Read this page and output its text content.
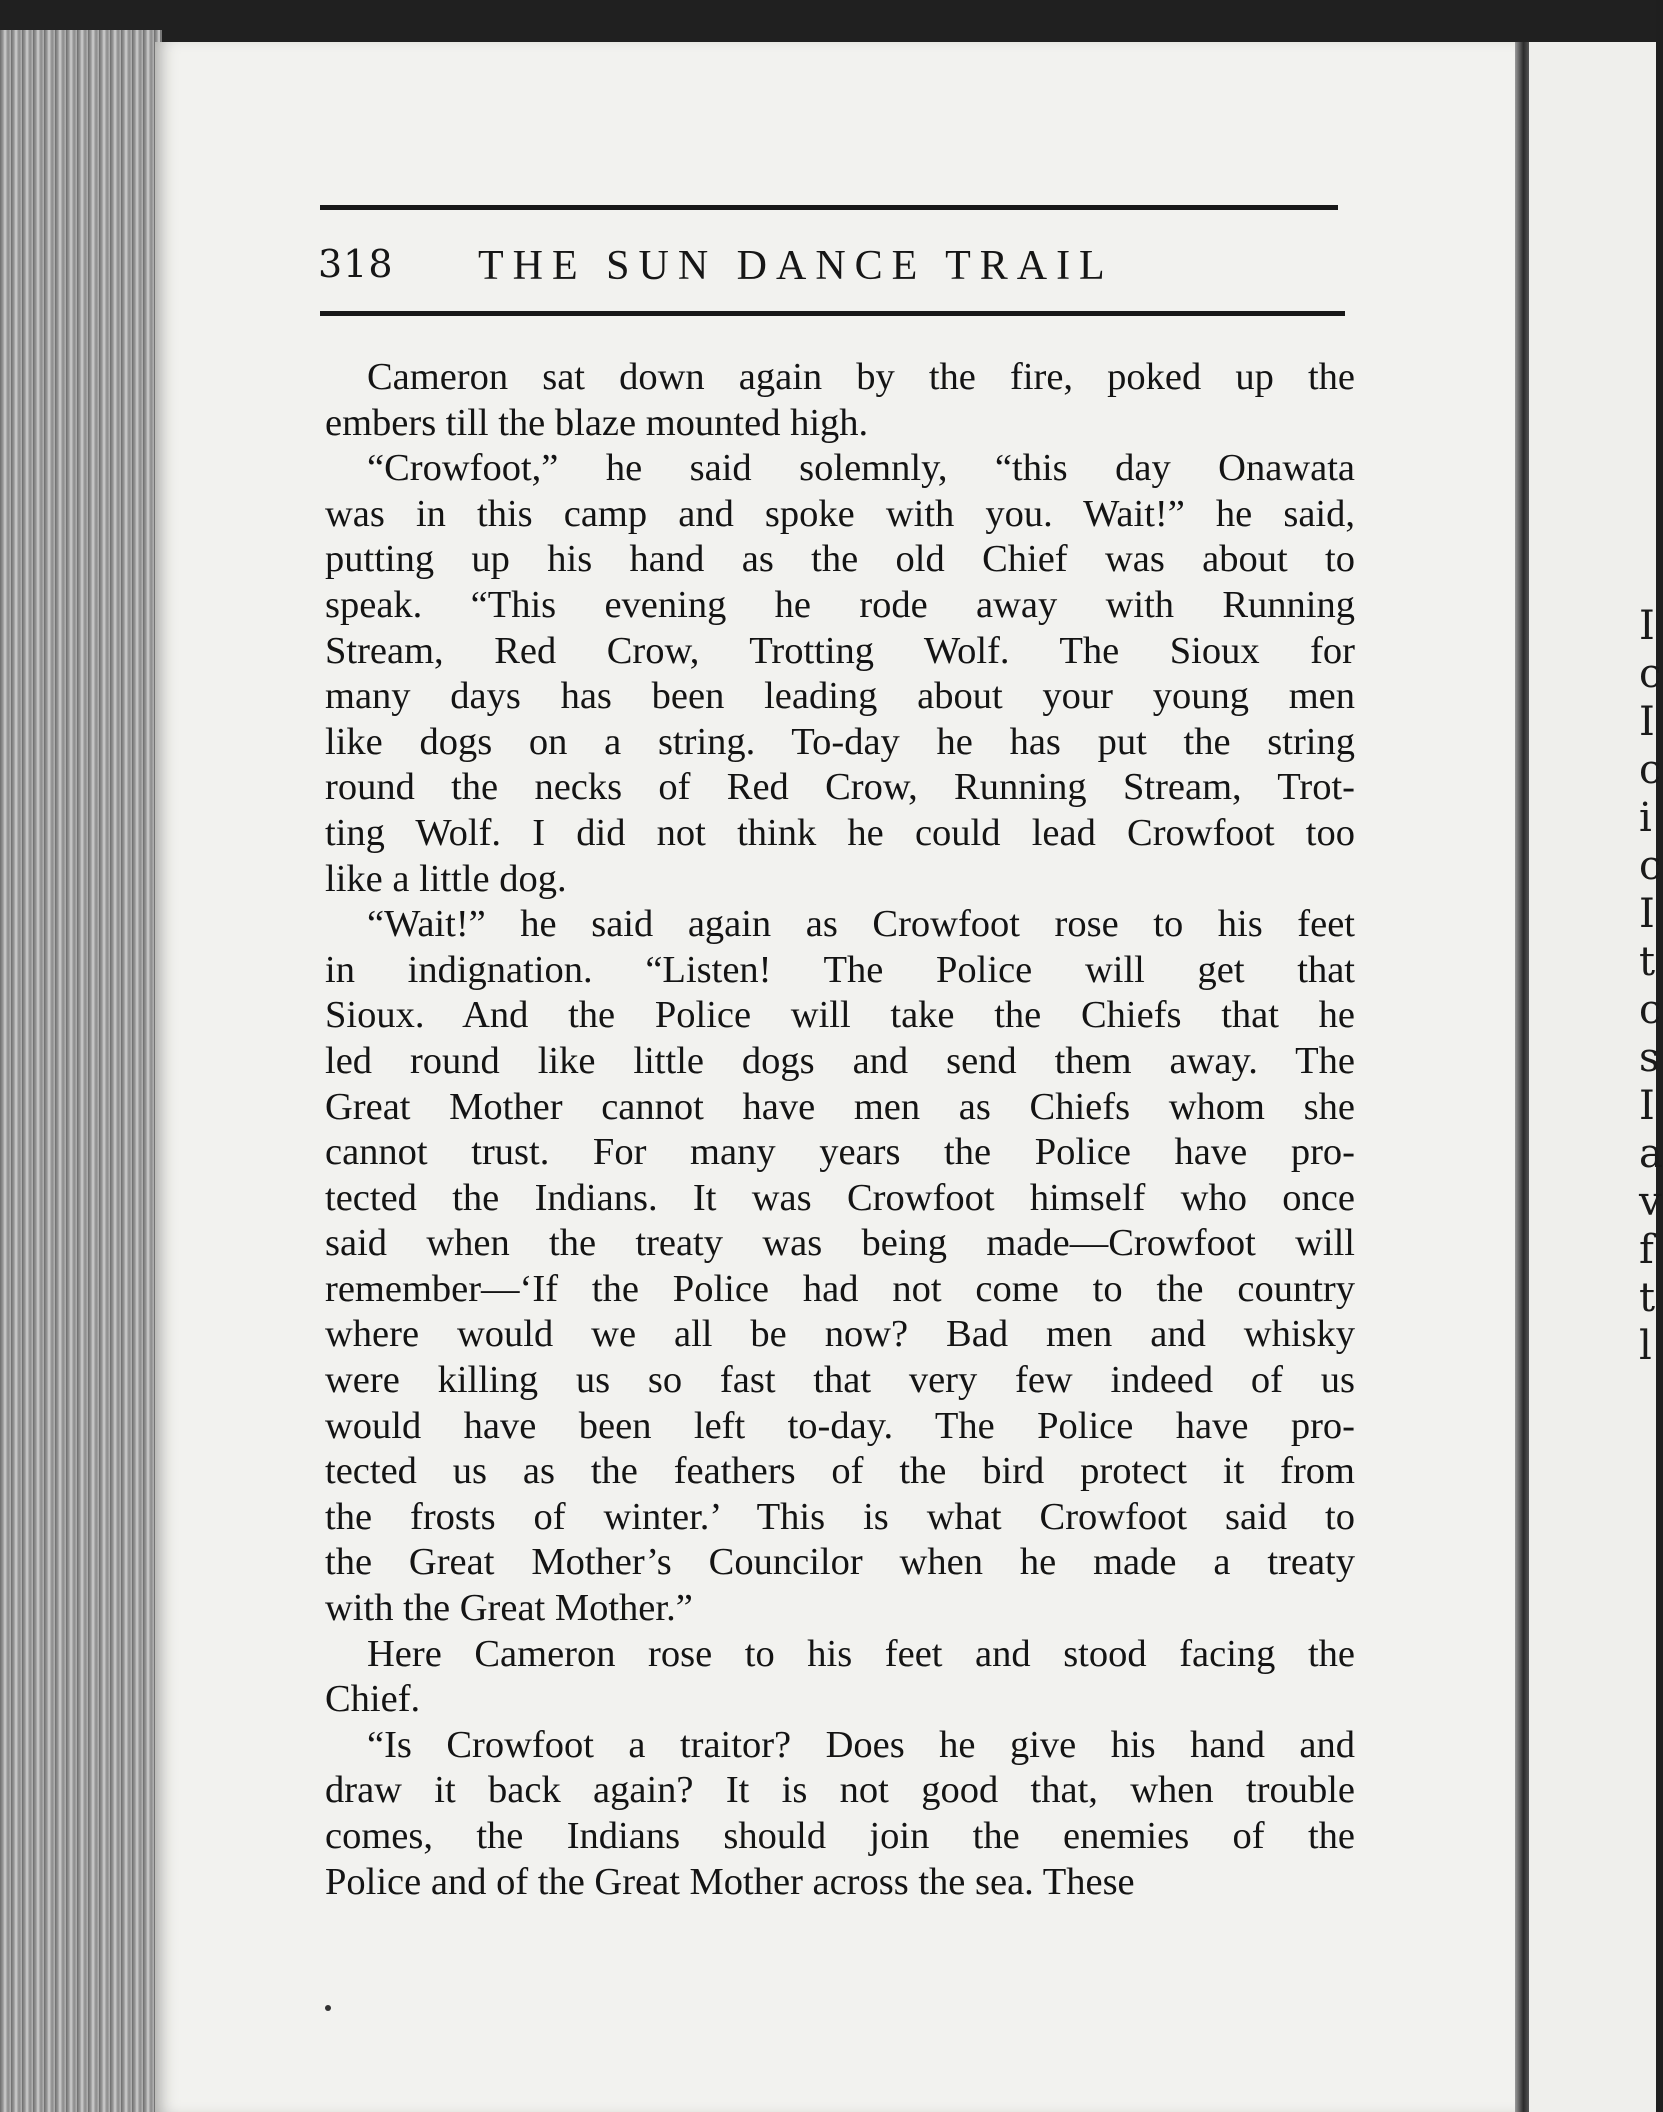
I
c
I
c
i
c
I
t
c
s
I
a
v
f
t
l
318 THE SUN DANCE TRAIL
Cameron sat down again by the fire, poked up the
embers till the blaze mounted high.
“Crowfoot,” he said solemnly, “this day Onawata
was in this camp and spoke with you. Wait!” he said,
putting up his hand as the old Chief was about to
speak. “This evening he rode away with Running
Stream, Red Crow, Trotting Wolf. The Sioux for
many days has been leading about your young men
like dogs on a string. To-day he has put the string
round the necks of Red Crow, Running Stream, Trot-
ting Wolf. I did not think he could lead Crowfoot too
like a little dog.
“Wait!” he said again as Crowfoot rose to his feet
in indignation. “Listen! The Police will get that
Sioux. And the Police will take the Chiefs that he
led round like little dogs and send them away. The
Great Mother cannot have men as Chiefs whom she
cannot trust. For many years the Police have pro-
tected the Indians. It was Crowfoot himself who once
said when the treaty was being made—Crowfoot will
remember—‘If the Police had not come to the country
where would we all be now? Bad men and whisky
were killing us so fast that very few indeed of us
would have been left to-day. The Police have pro-
tected us as the feathers of the bird protect it from
the frosts of winter.’ This is what Crowfoot said to
the Great Mother’s Councilor when he made a treaty
with the Great Mother.”
Here Cameron rose to his feet and stood facing the
Chief.
“Is Crowfoot a traitor? Does he give his hand and
draw it back again? It is not good that, when trouble
comes, the Indians should join the enemies of the
Police and of the Great Mother across the sea. These
